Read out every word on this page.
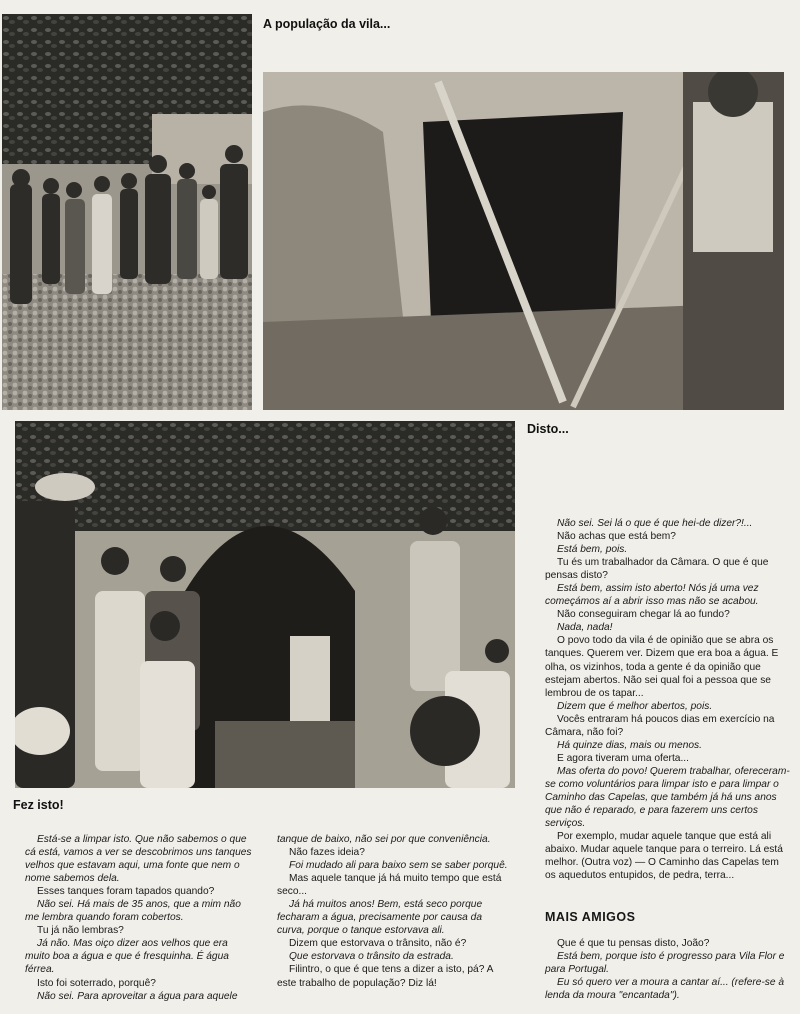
A população da vila...
Disto...
Fez isto!

Está-se a limpar isto. Que não sabemos o que cá está, vamos a ver se descobrimos uns tanques velhos que estavam aqui, uma fonte que nem o nome sabemos dela.

Esses tanques foram tapados quando?

Não sei. Há mais de 35 anos, que a mim não me lembra quando foram cobertos.

Tu já não lembras?

Já não. Mas oiço dizer aos velhos que era muito boa a água e que é fresquinha. É água férrea.

Isto foi soterrado, porquê?

Não sei. Para aproveitar a água para aquele

tanque de baixo, não sei por que conveniência.

Não fazes ideia?

Foi mudado ali para baixo sem se saber porquê.

Mas aquele tanque já há muito tempo que está seco...

Já há muitos anos! Bem, está seco porque fecharam a água, precisamente por causa da curva, porque o tanque estorvava ali.

Dizem que estorvava o trânsito, não é?

Que estorvava o trânsito da estrada.

Filintro, o que é que tens a dizer a isto, pá? A este trabalho de população? Diz lá!

Não sei. Sei lá o que é que hei-de dizer?!...

Não achas que está bem?

Está bem, pois.

Tu és um trabalhador da Câmara. O que é que pensas disto?

Está bem, assim isto aberto! Nós já uma vez começámos aí a abrir isso mas não se acabou.

Não conseguiram chegar lá ao fundo?

Nada, nada!

O povo todo da vila é de opinião que se abra os tanques. Querem ver. Dizem que era boa a água. E olha, os vizinhos, toda a gente é da opinião que estejam abertos. Não sei qual foi a pessoa que se lembrou de os tapar...

Dizem que é melhor abertos, pois.

Vocês entraram há poucos dias em exercício na Câmara, não foi?

Há quinze dias, mais ou menos.

E agora tiveram uma oferta...

Mas oferta do povo! Querem trabalhar, ofereceram-se como voluntários para limpar isto e para limpar o Caminho das Capelas, que também já há uns anos que não é reparado, e para fazerem uns certos serviços.

Por exemplo, mudar aquele tanque que está ali abaixo. Mudar aquele tanque para o terreiro. Lá está melhor. (Outra voz) — O Caminho das Capelas tem os aquedutos entupidos, de pedra, terra...

MAIS AMIGOS

Que é que tu pensas disto, João?

Está bem, porque isto é progresso para Vila Flor e para Portugal.

Eu só quero ver a moura a cantar aí... (refere-se à lenda da moura "encantada").
